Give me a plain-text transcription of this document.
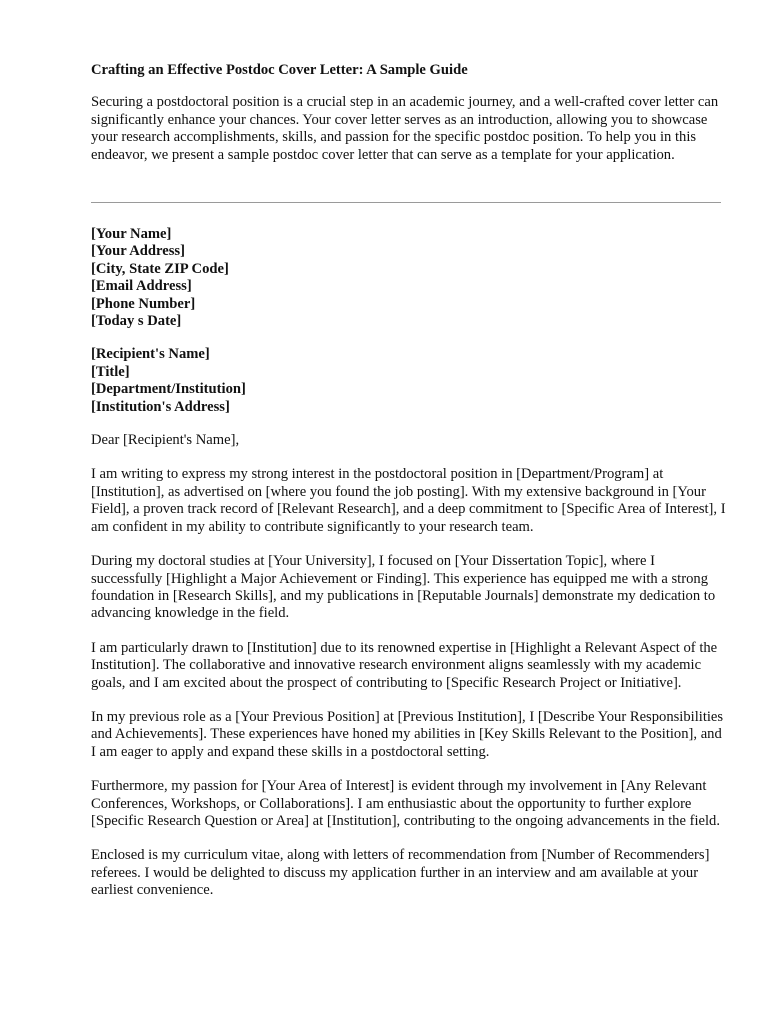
Crafting an Effective Postdoc Cover Letter: A Sample Guide

Securing a postdoctoral position is a crucial step in an academic journey, and a well-crafted cover letter can significantly enhance your chances. Your cover letter serves as an introduction, allowing you to showcase your research accomplishments, skills, and passion for the specific postdoc position. To help you in this endeavor, we present a sample postdoc cover letter that can serve as a template for your application.

[Your Name]
[Your Address]
[City, State ZIP Code]
[Email Address]
[Phone Number]
[Today s Date]
[Recipient's Name]
[Title]
[Department/Institution]
[Institution's Address]

Dear [Recipient's Name],

I am writing to express my strong interest in the postdoctoral position in [Department/Program] at [Institution], as advertised on [where you found the job posting]. With my extensive background in [Your Field], a proven track record of [Relevant Research], and a deep commitment to [Specific Area of Interest], I am confident in my ability to contribute significantly to your research team.

During my doctoral studies at [Your University], I focused on [Your Dissertation Topic], where I successfully [Highlight a Major Achievement or Finding]. This experience has equipped me with a strong foundation in [Research Skills], and my publications in [Reputable Journals] demonstrate my dedication to advancing knowledge in the field.

I am particularly drawn to [Institution] due to its renowned expertise in [Highlight a Relevant Aspect of the Institution]. The collaborative and innovative research environment aligns seamlessly with my academic goals, and I am excited about the prospect of contributing to [Specific Research Project or Initiative].

In my previous role as a [Your Previous Position] at [Previous Institution], I [Describe Your Responsibilities and Achievements]. These experiences have honed my abilities in [Key Skills Relevant to the Position], and I am eager to apply and expand these skills in a postdoctoral setting.

Furthermore, my passion for [Your Area of Interest] is evident through my involvement in [Any Relevant Conferences, Workshops, or Collaborations]. I am enthusiastic about the opportunity to further explore [Specific Research Question or Area] at [Institution], contributing to the ongoing advancements in the field.

Enclosed is my curriculum vitae, along with letters of recommendation from [Number of Recommenders] referees. I would be delighted to discuss my application further in an interview and am available at your earliest convenience.
